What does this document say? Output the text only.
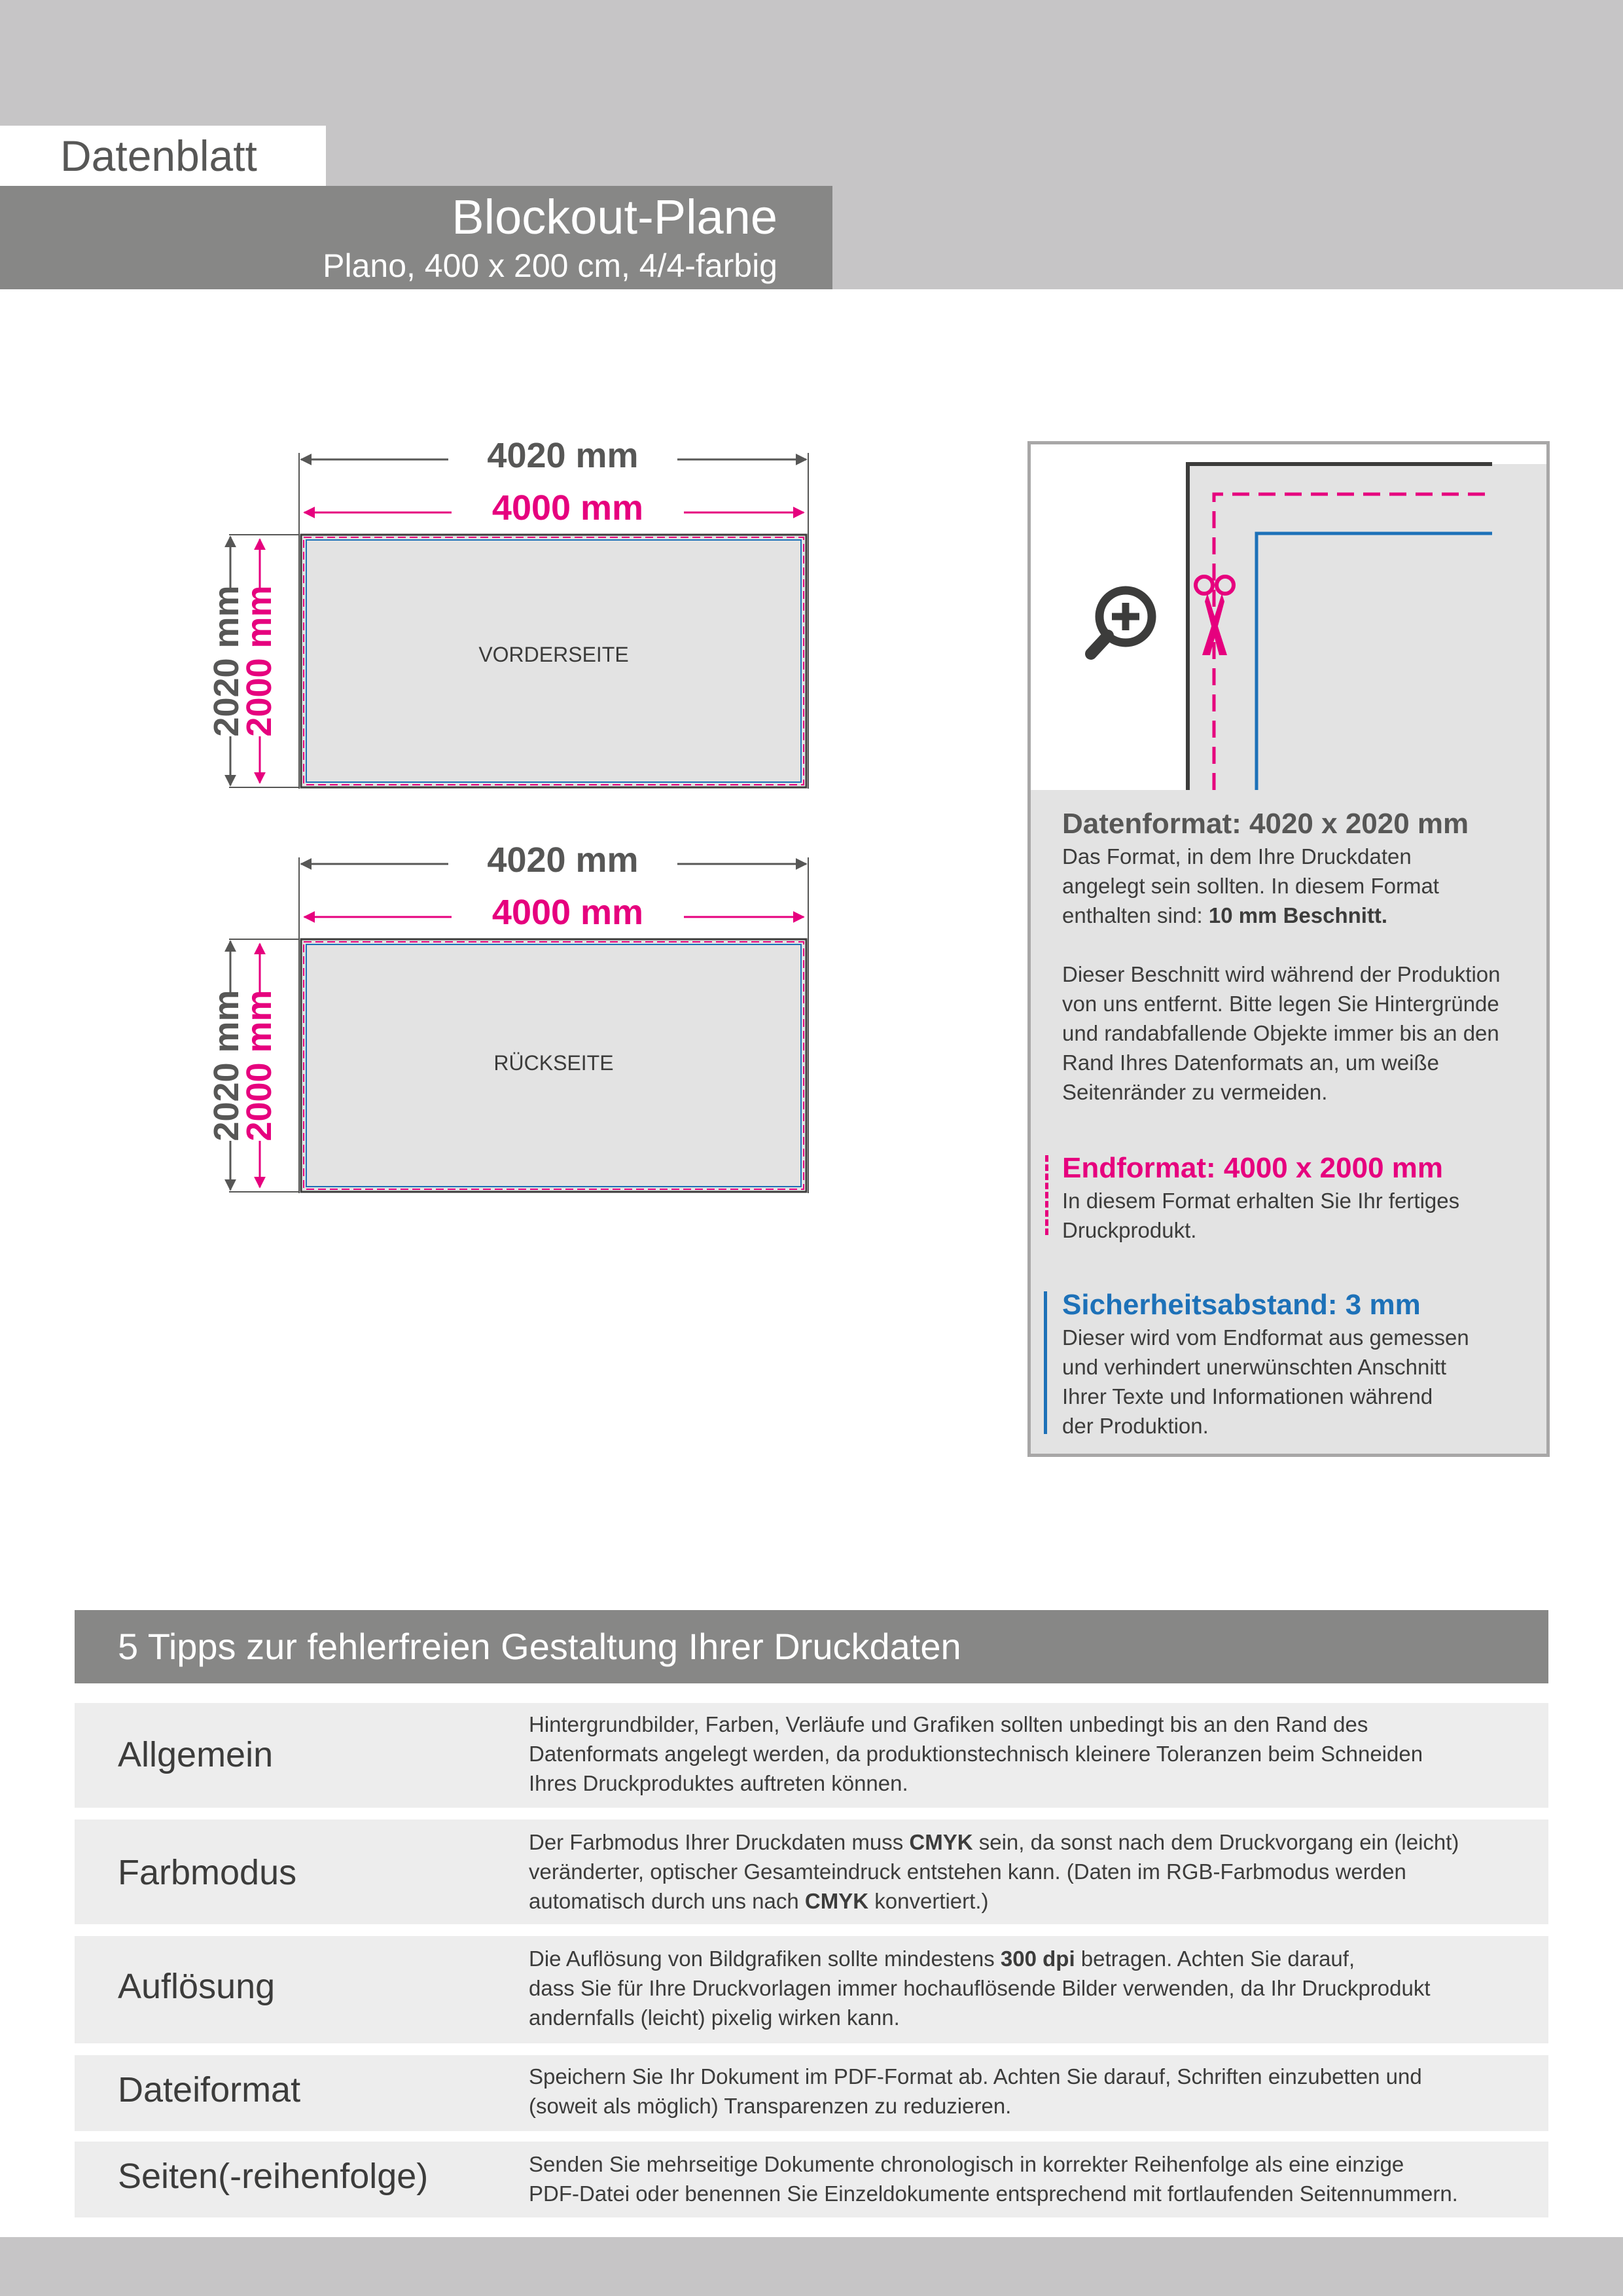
Datenblatt
Blockout-Plane
Plano, 400 x 200 cm, 4/4-farbig
4020 mm
4000 mm
2020 mm
2000 mm	VORDERSEITE
4020 mm
4000 mm
2020 mm
2000 mm	RÜCKSEITE
Datenformat: 4020 x 2020 mm
Das Format, in dem Ihre Druckdaten
angelegt sein sollten. In diesem Format
enthalten sind: 10 mm Beschnitt.
Dieser Beschnitt wird während der Produktion
von uns entfernt. Bitte legen Sie Hintergründe
und randabfallende Objekte immer bis an den
Rand Ihres Datenformats an, um weiße
Seitenränder zu vermeiden.
Endformat: 4000 x 2000 mm
In diesem Format erhalten Sie Ihr fertiges
Druckprodukt.
Sicherheitsabstand: 3 mm
Dieser wird vom Endformat aus gemessen
und verhindert unerwünschten Anschnitt
Ihrer Texte und Informationen während
der Produktion.
5 Tipps zur fehlerfreien Gestaltung Ihrer Druckdaten
Allgemein
Hintergrundbilder, Farben, Verläufe und Grafiken sollten unbedingt bis an den Rand des
Datenformats angelegt werden, da produktionstechnisch kleinere Toleranzen beim Schneiden
Ihres Druckproduktes auftreten können.
Farbmodus
Der Farbmodus Ihrer Druckdaten muss CMYK sein, da sonst nach dem Druckvorgang ein (leicht)
veränderter, optischer Gesamteindruck entstehen kann. (Daten im RGB-Farbmodus werden
automatisch durch uns nach CMYK konvertiert.)
Auflösung
Die Auflösung von Bildgrafiken sollte mindestens 300 dpi betragen. Achten Sie darauf,
dass Sie für Ihre Druckvorlagen immer hochauflösende Bilder verwenden, da Ihr Druckprodukt
andernfalls (leicht) pixelig wirken kann.
Dateiformat	Speichern Sie Ihr Dokument im PDF-Format ab. Achten Sie darauf, Schriften einzubetten und
(soweit als möglich) Transparenzen zu reduzieren.
Seiten(-reihenfolge)	Senden Sie mehrseitige Dokumente chronologisch in korrekter Reihenfolge als eine einzige
PDF-Datei oder benennen Sie Einzeldokumente entsprechend mit fortlaufenden Seitennummern.
